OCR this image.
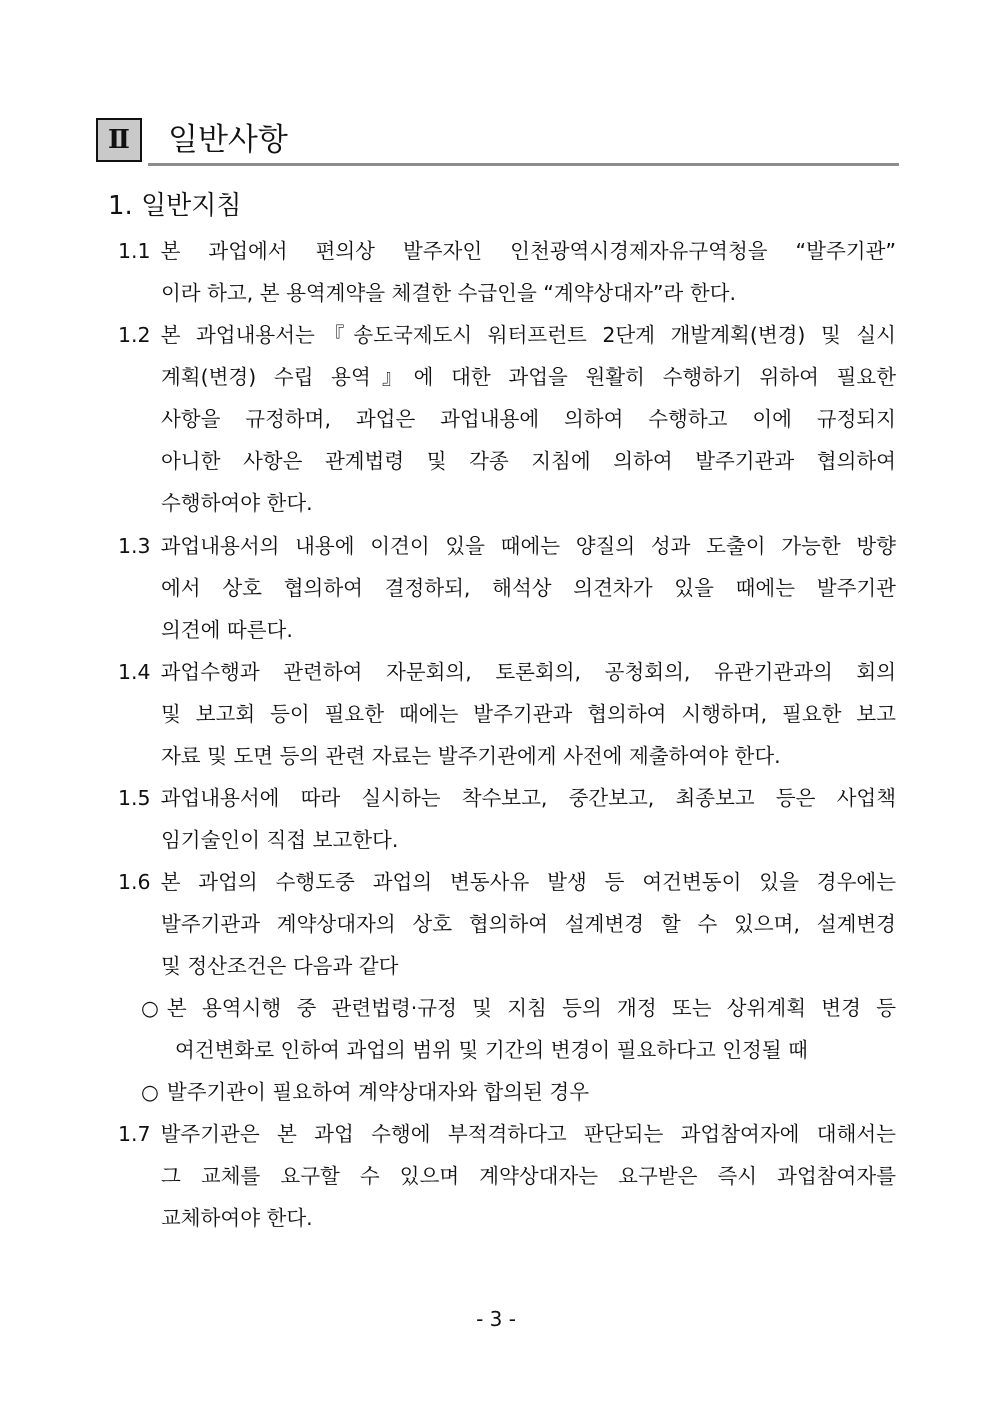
Ⅱ	일반사항
1. 일반지침
1.1 본 과업에서 편의상 발주자인 인천광역시경제자유구역청을 “발주기관”
이라 하고, 본 용역계약을 체결한 수급인을 “계약상대자”라 한다.
1.2 본 과업내용서는『송도국제도시 워터프런트 2단계 개발계획(변경) 및 실시
계획(변경) 수립 용역』에 대한 과업을 원활히 수행하기 위하여 필요한
사항을 규정하며, 과업은 과업내용에 의하여 수행하고 이에 규정되지
아니한 사항은 관계법령 및 각종 지침에 의하여 발주기관과 협의하여
수행하여야 한다.
1.3 과업내용서의 내용에 이견이 있을 때에는 양질의 성과 도출이 가능한 방향
에서 상호 협의하여 결정하되, 해석상 의견차가 있을 때에는 발주기관
의견에 따른다.
1.4 과업수행과 관련하여 자문회의, 토론회의, 공청회의, 유관기관과의 회의
및 보고회 등이 필요한 때에는 발주기관과 협의하여 시행하며, 필요한 보고
자료 및 도면 등의 관련 자료는 발주기관에게 사전에 제출하여야 한다.
1.5 과업내용서에 따라 실시하는 착수보고, 중간보고, 최종보고 등은 사업책
임기술인이 직접 보고한다.
1.6 본 과업의 수행도중 과업의 변동사유 발생 등 여건변동이 있을 경우에는
발주기관과 계약상대자의 상호 협의하여 설계변경 할 수 있으며, 설계변경
및 정산조건은 다음과 같다
○ 본 용역시행 중 관련법령·규정 및 지침 등의 개정 또는 상위계획 변경 등
여건변화로 인하여 과업의 범위 및 기간의 변경이 필요하다고 인정될 때
○ 발주기관이 필요하여 계약상대자와 합의된 경우
1.7 발주기관은 본 과업 수행에 부적격하다고 판단되는 과업참여자에 대해서는
그 교체를 요구할 수 있으며 계약상대자는 요구받은 즉시 과업참여자를
교체하여야 한다.
- 3 -
